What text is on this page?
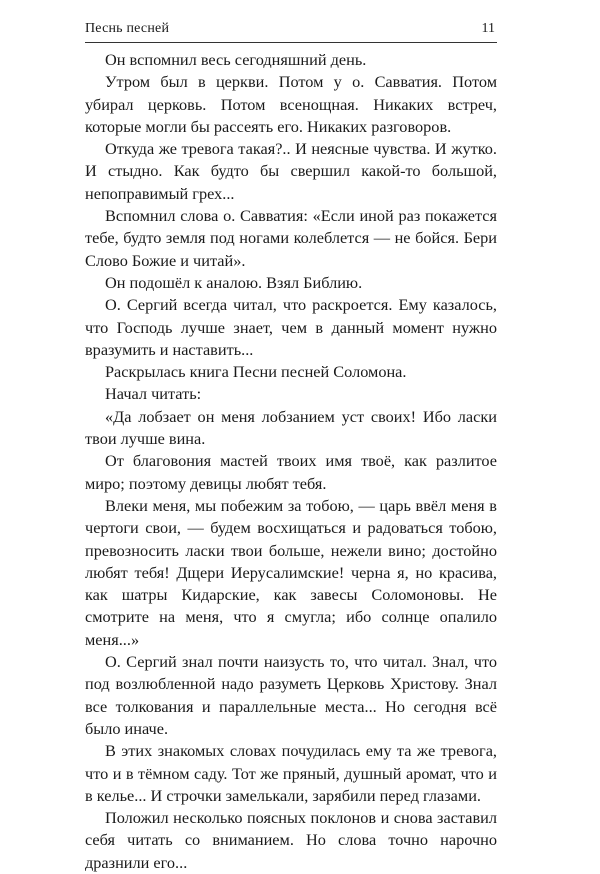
Песнь песней	11

Он вспомнил весь сегодняшний день.

Утром был в церкви. Потом у о. Савватия. Потом убирал церковь. Потом всенощная. Никаких встреч, которые могли бы рассеять его. Никаких разговоров.

Откуда же тревога такая?.. И неясные чувства. И жутко. И стыдно. Как будто бы свершил какой-то большой, непоправимый грех...

Вспомнил слова о. Савватия: «Если иной раз покажется тебе, будто земля под ногами колеблется — не бойся. Бери Слово Божие и читай».

Он подошёл к аналою. Взял Библию.

О. Сергий всегда читал, что раскроется. Ему казалось, что Господь лучше знает, чем в данный момент нужно вразумить и наставить...

Раскрылась книга Песни песней Соломона.

Начал читать:

«Да лобзает он меня лобзанием уст своих! Ибо ласки твои лучше вина.

От благовония мастей твоих имя твоё, как разлитое миро; поэтому девицы любят тебя.

Влеки меня, мы побежим за тобою, — царь ввёл меня в чертоги свои, — будем восхищаться и радоваться тобою, превозносить ласки твои больше, нежели вино; достойно любят тебя! Дщери Иерусалимские! черна я, но красива, как шатры Кидарские, как завесы Соломоновы. Не смотрите на меня, что я смугла; ибо солнце опалило меня...»

О. Сергий знал почти наизусть то, что читал. Знал, что под возлюбленной надо разуметь Церковь Христову. Знал все толкования и параллельные места... Но сегодня всё было иначе.

В этих знакомых словах почудилась ему та же тревога, что и в тёмном саду. Тот же пряный, душный аромат, что и в келье... И строчки замелькали, зарябили перед глазами.

Положил несколько поясных поклонов и снова заставил себя читать со вниманием. Но слова точно нарочно дразнили его...
